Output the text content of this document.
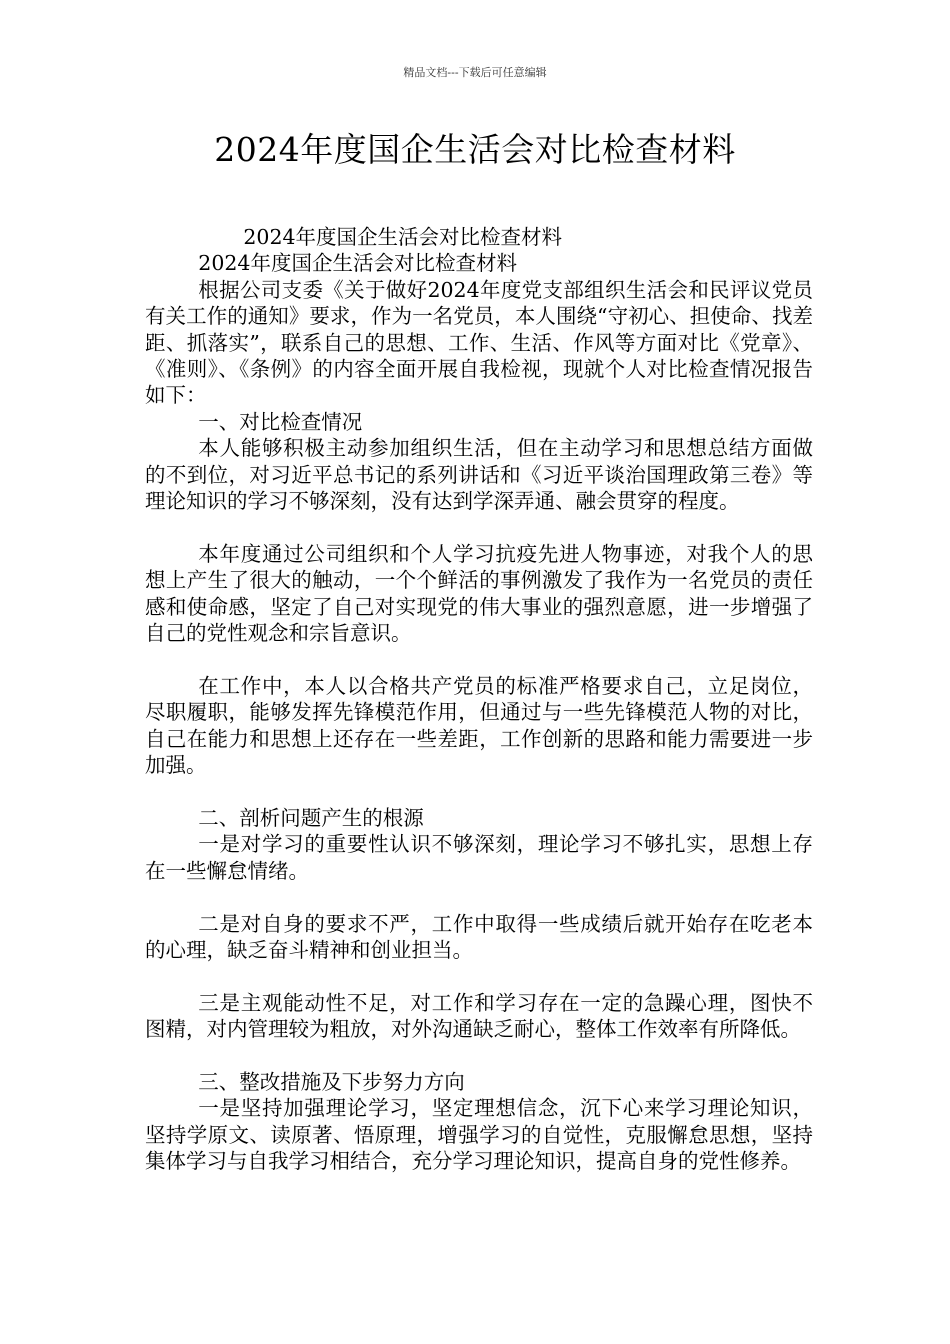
精品文档---下载后可任意编辑
2024年度国企生活会对比检查材料

2024年度国企生活会对比检查材料

2024年度国企生活会对比检查材料

根据公司支委《关于做好2024年度党支部组织生活会和民评议党员有关工作的通知》要求，作为一名党员，本人围绕“守初心、担使命、找差距、抓落实”，联系自己的思想、工作、生活、作风等方面对比《党章》、《准则》、《条例》的内容全面开展自我检视，现就个人对比检查情况报告如下：

一、对比检查情况

本人能够积极主动参加组织生活，但在主动学习和思想总结方面做的不到位，对习近平总书记的系列讲话和《习近平谈治国理政第三卷》等理论知识的学习不够深刻，没有达到学深弄通、融会贯穿的程度。

本年度通过公司组织和个人学习抗疫先进人物事迹，对我个人的思想上产生了很大的触动，一个个鲜活的事例激发了我作为一名党员的责任感和使命感，坚定了自己对实现党的伟大事业的强烈意愿，进一步增强了自己的党性观念和宗旨意识。

在工作中，本人以合格共产党员的标准严格要求自己，立足岗位，尽职履职，能够发挥先锋模范作用，但通过与一些先锋模范人物的对比，自己在能力和思想上还存在一些差距，工作创新的思路和能力需要进一步加强。

二、剖析问题产生的根源

一是对学习的重要性认识不够深刻，理论学习不够扎实，思想上存在一些懈怠情绪。

二是对自身的要求不严，工作中取得一些成绩后就开始存在吃老本的心理，缺乏奋斗精神和创业担当。

三是主观能动性不足，对工作和学习存在一定的急躁心理，图快不图精，对内管理较为粗放，对外沟通缺乏耐心，整体工作效率有所降低。

三、整改措施及下步努力方向

一是坚持加强理论学习，坚定理想信念，沉下心来学习理论知识，坚持学原文、读原著、悟原理，增强学习的自觉性，克服懈怠思想，坚持集体学习与自我学习相结合，充分学习理论知识，提高自身的党性修养。
